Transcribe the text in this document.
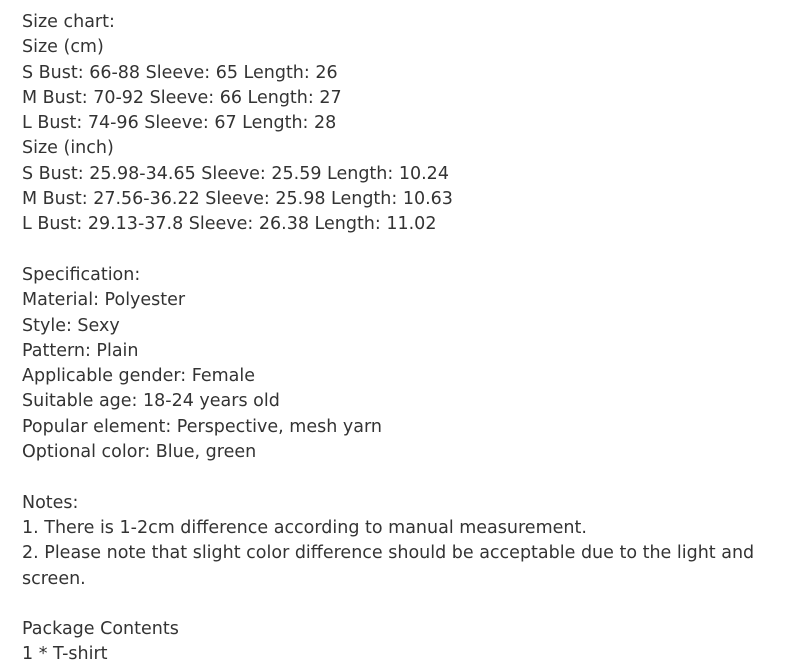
Size chart:
Size (cm)
S Bust: 66-88 Sleeve: 65 Length: 26
M Bust: 70-92 Sleeve: 66 Length: 27
L Bust: 74-96 Sleeve: 67 Length: 28
Size (inch)
S Bust: 25.98-34.65 Sleeve: 25.59 Length: 10.24
M Bust: 27.56-36.22 Sleeve: 25.98 Length: 10.63
L Bust: 29.13-37.8 Sleeve: 26.38 Length: 11.02
Specification:
Material: Polyester
Style: Sexy
Pattern: Plain
Applicable gender: Female
Suitable age: 18-24 years old
Popular element: Perspective, mesh yarn
Optional color: Blue, green
Notes:
1. There is 1-2cm difference according to manual measurement.
2. Please note that slight color difference should be acceptable due to the light and screen.
Package Contents
1 * T-shirt
